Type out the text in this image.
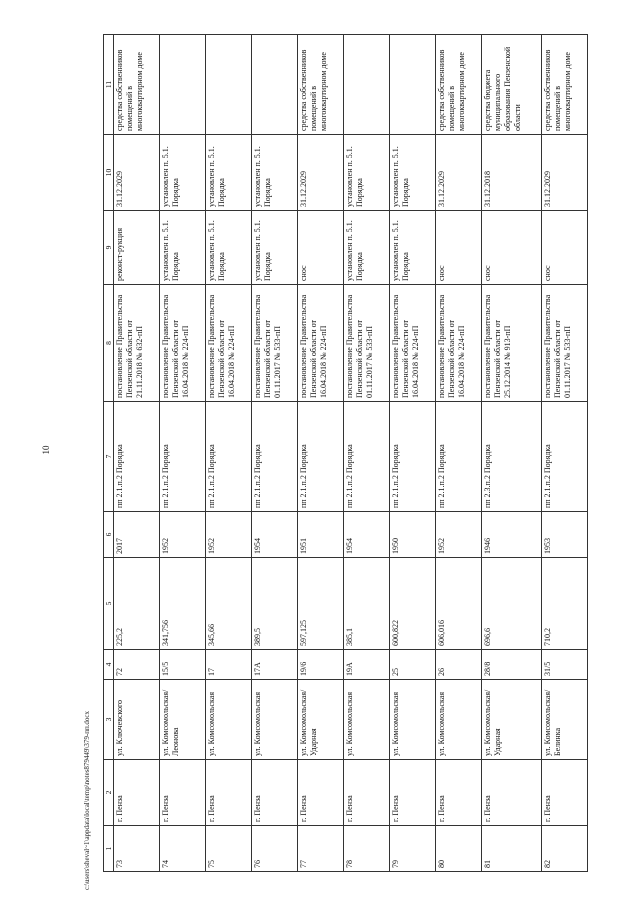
10
1	2	3	4	5	6	7	8	9	10	11
73	г. Пенза	ул. Ключевского	72	225,2	2017	пп 2.1.п.2 Порядка	постановление Правительства Пензенской области от 21.11.2018 № 632-пП	реконст-рукция	31.12.2029	средства собственников помещений в многоквартирном доме
74	г. Пенза	ул. Комсомольская/ Леонова	15/5	341,756	1952	пп 2.1.п.2 Порядка	постановление Правительства Пензенской области от 16.04.2018 № 224-пП	установлен п. 5.1. Порядка	установлен п. 5.1. Порядка	
75	г. Пенза	ул. Комсомольская	17	345,66	1952	пп 2.1.п.2 Порядка	постановление Правительства Пензенской области от 16.04.2018 № 224-пП	установлен п. 5.1. Порядка	установлен п. 5.1. Порядка	
76	г. Пенза	ул. Комсомольская	17А	389,5	1954	пп 2.1.п.2 Порядка	постановление Правительства Пензенской области от 01.11.2017 № 533-пП	установлен п. 5.1. Порядка	установлен п. 5.1. Порядка	
77	г. Пенза	ул. Комсомольская/ Ударная	19/6	597,125	1951	пп 2.1.п.2 Порядка	постановление Правительства Пензенской области от 16.04.2018 № 224-пП	снос	31.12.2029	средства собственников помещений в многоквартирном доме
78	г. Пенза	ул. Комсомольская	19А	385,1	1954	пп 2.1.п.2 Порядка	постановление Правительства Пензенской области от 01.11.2017 № 533-пП	установлен п. 5.1. Порядка	установлен п. 5.1. Порядка	
79	г. Пенза	ул. Комсомольская	25	600,822	1950	пп 2.1.п.2 Порядка	постановление Правительства Пензенской области от 16.04.2018 № 224-пП	установлен п. 5.1. Порядка	установлен п. 5.1. Порядка	
80	г. Пенза	ул. Комсомольская	26	606,016	1952	пп 2.1.п.2 Порядка	постановление Правительства Пензенской области от 16.04.2018 № 224-пП	снос	31.12.2029	средства собственников помещений в многоквартирном доме
81	г. Пенза	ул. Комсомольская/ Ударная	28/8	696,6	1946	пп 2.3.п.2 Порядка	постановление Правительства Пензенской области от 25.12.2014 № 913-пП	снос	31.12.2018	средства бюджета муниципального образования Пензенской области
82	г. Пенза	ул. Комсомольская/ Белинка	31/5	710,2	1953	пп 2.1.п.2 Порядка	постановление Правительства Пензенской области от 01.11.2017 № 533-пП	снос	31.12.2029	средства собственников помещений в многоквартирном доме
c:\users\sheval~1\appdata\local\temp\notes879449\379-пп.docx
